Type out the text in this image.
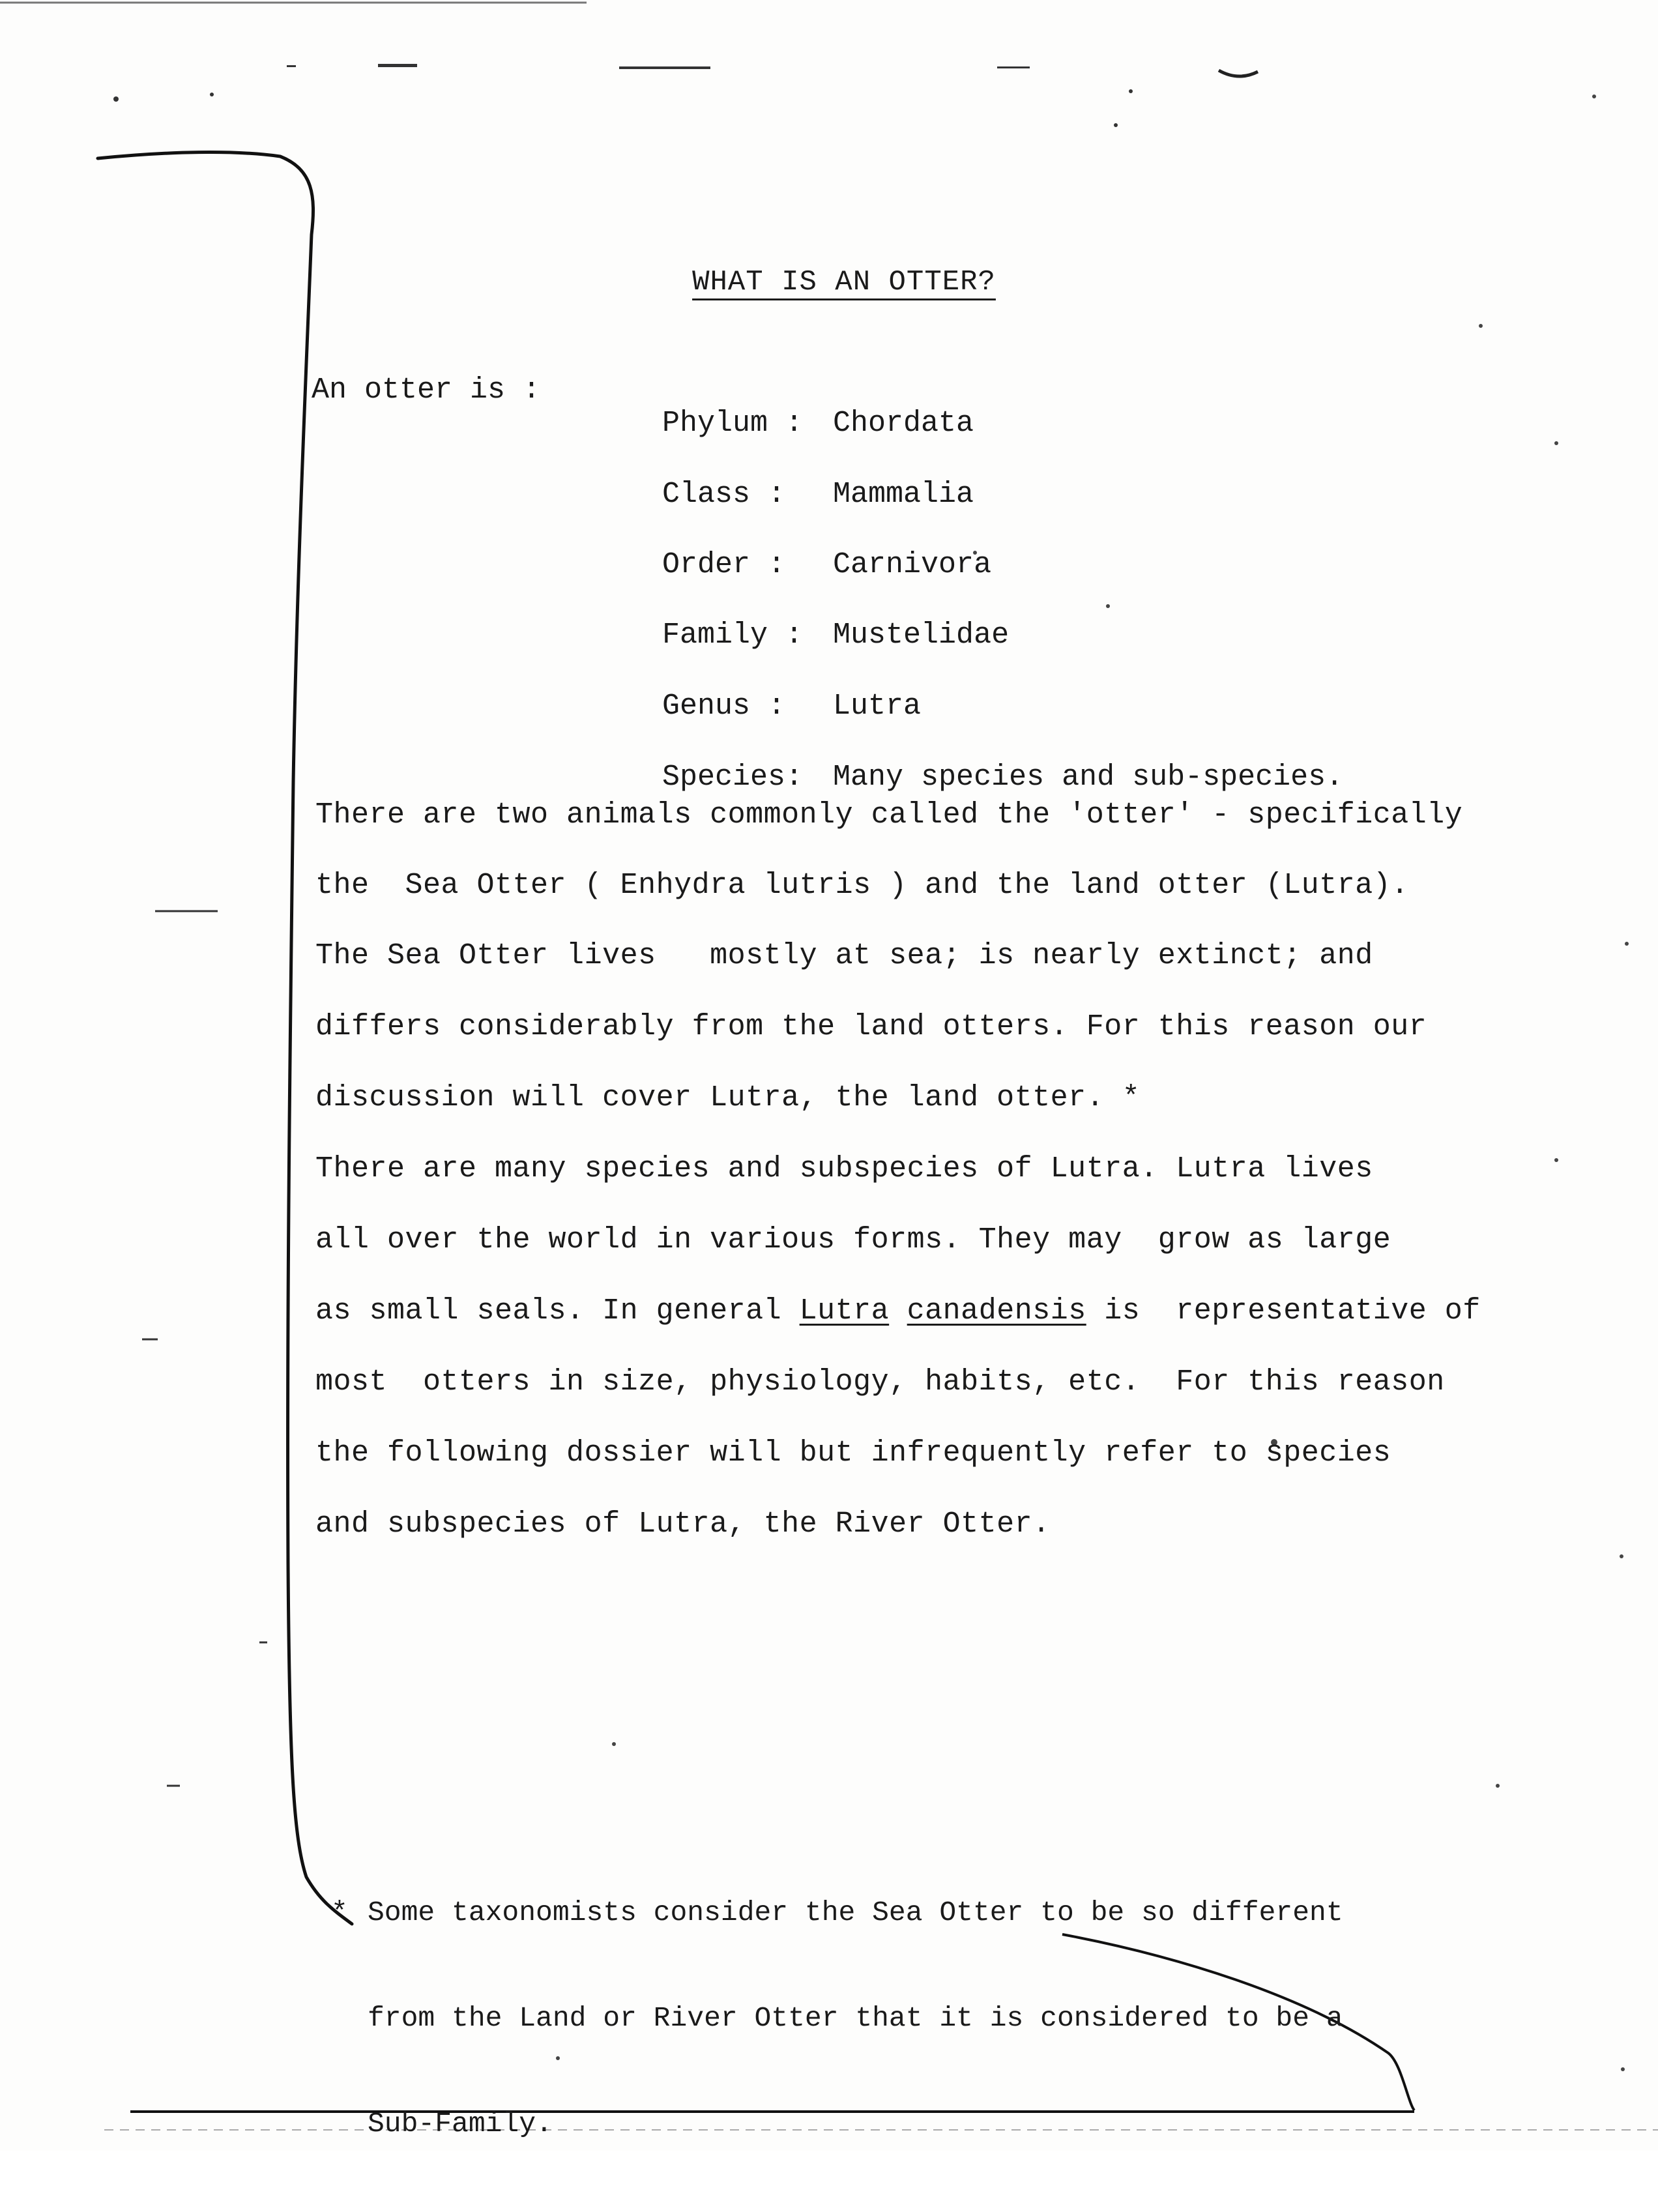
WHAT IS AN OTTER?
An otter is :

Phylum : Chordata

Class : Mammalia

Order : Carnivora

Family : Mustelidae

Genus : Lutra

Species: Many species and sub-species.

There are two animals commonly called the 'otter' - specifically
the  Sea Otter ( Enhydra lutris ) and the land otter (Lutra).
The Sea Otter lives   mostly at sea; is nearly extinct; and
differs considerably from the land otters. For this reason our
discussion will cover Lutra, the land otter. *
There are many species and subspecies of Lutra. Lutra lives
all over the world in various forms. They may  grow as large
as small seals. In general Lutra canadensis is  representative of
most  otters in size, physiology, habits, etc.  For this reason
the following dossier will but infrequently refer to species
and subspecies of Lutra, the River Otter.

* Some taxonomists consider the Sea Otter to be so different

from the Land or River Otter that it is considered to be a

Sub-Family.
